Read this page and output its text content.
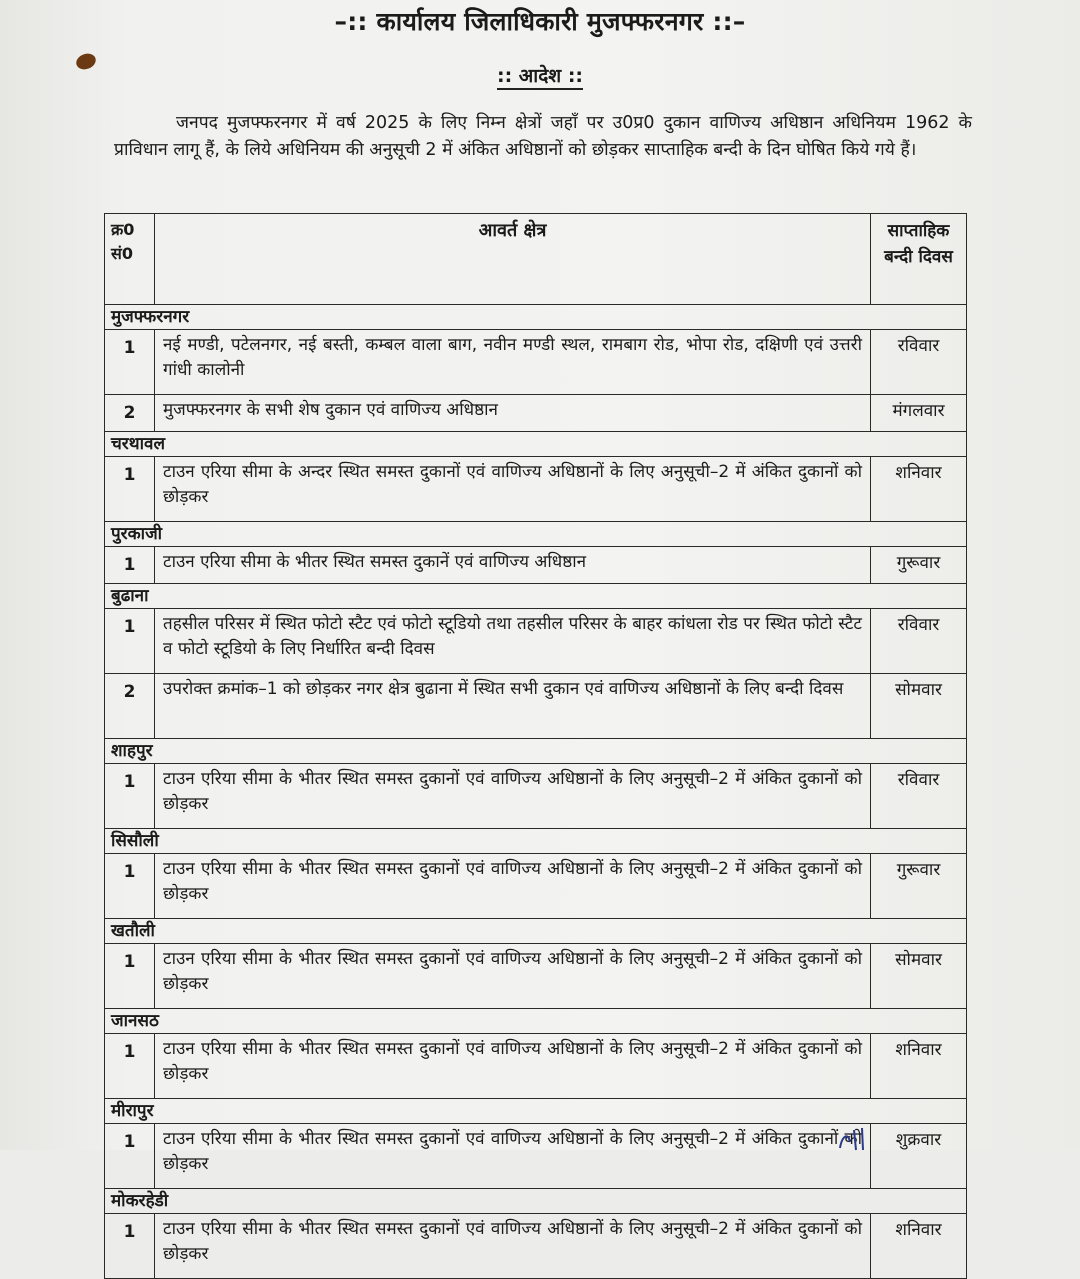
–:: कार्यालय जिलाधिकारी मुजफ्फरनगर ::–
:: आदेश ::
जनपद मुजफ्फरनगर में वर्ष 2025 के लिए निम्न क्षेत्रों जहाँ पर उ0प्र0 दुकान वाणिज्य अधिष्ठान अधिनियम 1962 के प्राविधान लागू हैं, के लिये अधिनियम की अनुसूची 2 में अंकित अधिष्ठानों को छोड़कर साप्ताहिक बन्दी के दिन घोषित किये गये हैं।
क्र0 सं0	आवर्त क्षेत्र	साप्ताहिक बन्दी दिवस
मुजफ्फरनगर		
1	नई मण्डी, पटेलनगर, नई बस्ती, कम्बल वाला बाग, नवीन मण्डी स्थल, रामबाग रोड, भोपा रोड, दक्षिणी एवं उत्तरी गांधी कालोनी	रविवार
2	मुजफ्फरनगर के सभी शेष दुकान एवं वाणिज्य अधिष्ठान	मंगलवार
चरथावल		
1	टाउन एरिया सीमा के अन्दर स्थित समस्त दुकानों एवं वाणिज्य अधिष्ठानों के लिए अनुसूची–2 में अंकित दुकानों को छोड़कर	शनिवार
पुरकाजी		
1	टाउन एरिया सीमा के भीतर स्थित समस्त दुकानें एवं वाणिज्य अधिष्ठान	गुरूवार
बुढाना		
1	तहसील परिसर में स्थित फोटो स्टैट एवं फोटो स्टूडियो तथा तहसील परिसर के बाहर कांधला रोड पर स्थित फोटो स्टैट व फोटो स्टूडियो के लिए निर्धारित बन्दी दिवस	रविवार
2	उपरोक्त क्रमांक–1 को छोड़कर नगर क्षेत्र बुढाना में स्थित सभी दुकान एवं वाणिज्य अधिष्ठानों के लिए बन्दी दिवस	सोमवार
शाहपुर		
1	टाउन एरिया सीमा के भीतर स्थित समस्त दुकानों एवं वाणिज्य अधिष्ठानों के लिए अनुसूची–2 में अंकित दुकानों को छोड़कर	रविवार
सिसौली		
1	टाउन एरिया सीमा के भीतर स्थित समस्त दुकानों एवं वाणिज्य अधिष्ठानों के लिए अनुसूची–2 में अंकित दुकानों को छोड़कर	गुरूवार
खतौली		
1	टाउन एरिया सीमा के भीतर स्थित समस्त दुकानों एवं वाणिज्य अधिष्ठानों के लिए अनुसूची–2 में अंकित दुकानों को छोड़कर	सोमवार
जानसठ		
1	टाउन एरिया सीमा के भीतर स्थित समस्त दुकानों एवं वाणिज्य अधिष्ठानों के लिए अनुसूची–2 में अंकित दुकानों को छोड़कर	शनिवार
मीरापुर		
1	टाउन एरिया सीमा के भीतर स्थित समस्त दुकानों एवं वाणिज्य अधिष्ठानों के लिए अनुसूची–2 में अंकित दुकानों को छोड़कर	शुक्रवार
मोकरहेडी		
1	टाउन एरिया सीमा के भीतर स्थित समस्त दुकानों एवं वाणिज्य अधिष्ठानों के लिए अनुसूची–2 में अंकित दुकानों को छोड़कर	शनिवार
